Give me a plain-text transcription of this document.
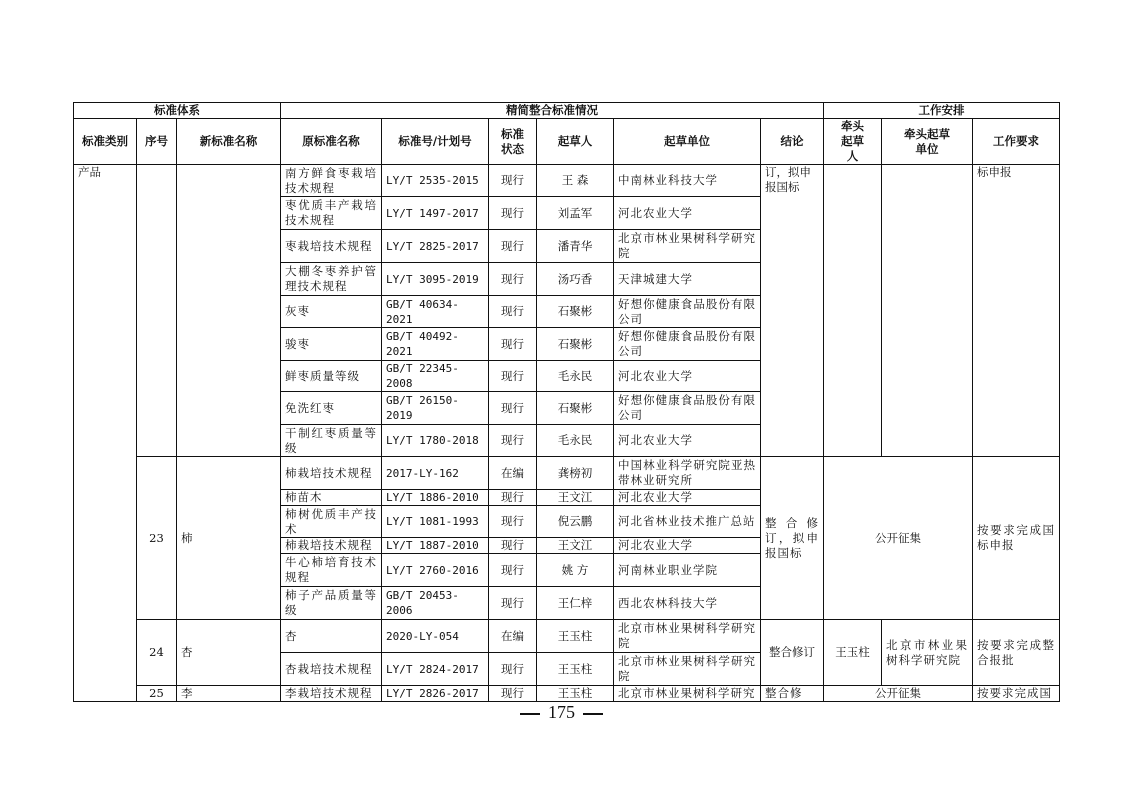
标准体系			精简整合标准情况						工作安排		
标准类别	序号	新标准名称	原标准名称	标准号/计划号	标准状态	起草人	起草单位	结论	牵头起草人	牵头起草单位	工作要求
产品			南方鲜食枣栽培技术规程	LY/T 2535-2015	现行	王 森	中南林业科技大学	订，拟申报国标			标申报
			枣优质丰产栽培技术规程	LY/T 1497-2017	现行	刘孟军	河北农业大学				
			枣栽培技术规程	LY/T 2825-2017	现行	潘青华	北京市林业果树科学研究院				
			大棚冬枣养护管理技术规程	LY/T 3095-2019	现行	汤巧香	天津城建大学				
			灰枣	GB/T 40634-2021	现行	石聚彬	好想你健康食品股份有限公司				
			骏枣	GB/T 40492-2021	现行	石聚彬	好想你健康食品股份有限公司				
			鲜枣质量等级	GB/T 22345-2008	现行	毛永民	河北农业大学				
			免洗红枣	GB/T 26150-2019	现行	石聚彬	好想你健康食品股份有限公司				
			干制红枣质量等级	LY/T 1780-2018	现行	毛永民	河北农业大学				
	23	柿	柿栽培技术规程	2017-LY-162	在编	龚榜初	中国林业科学研究院亚热带林业研究所	整合修订，拟申报国标	公开征集		按要求完成国标申报
			柿苗木	LY/T 1886-2010	现行	王文江	河北农业大学				
			柿树优质丰产技术	LY/T 1081-1993	现行	倪云鹏	河北省林业技术推广总站				
			柿栽培技术规程	LY/T 1887-2010	现行	王文江	河北农业大学				
			牛心柿培育技术规程	LY/T 2760-2016	现行	姚 方	河南林业职业学院				
			柿子产品质量等级	GB/T 20453-2006	现行	王仁梓	西北农林科技大学				
	24	杏	杏	2020-LY-054	在编	王玉柱	北京市林业果树科学研究院	整合修订	王玉柱	北京市林业果树科学研究院	按要求完成整合报批
			杏栽培技术规程	LY/T 2824-2017	现行	王玉柱	北京市林业果树科学研究院				
	25	李	李栽培技术规程	LY/T 2826-2017	现行	王玉柱	北京市林业果树科学研究	整合修	公开征集		按要求完成国
175
